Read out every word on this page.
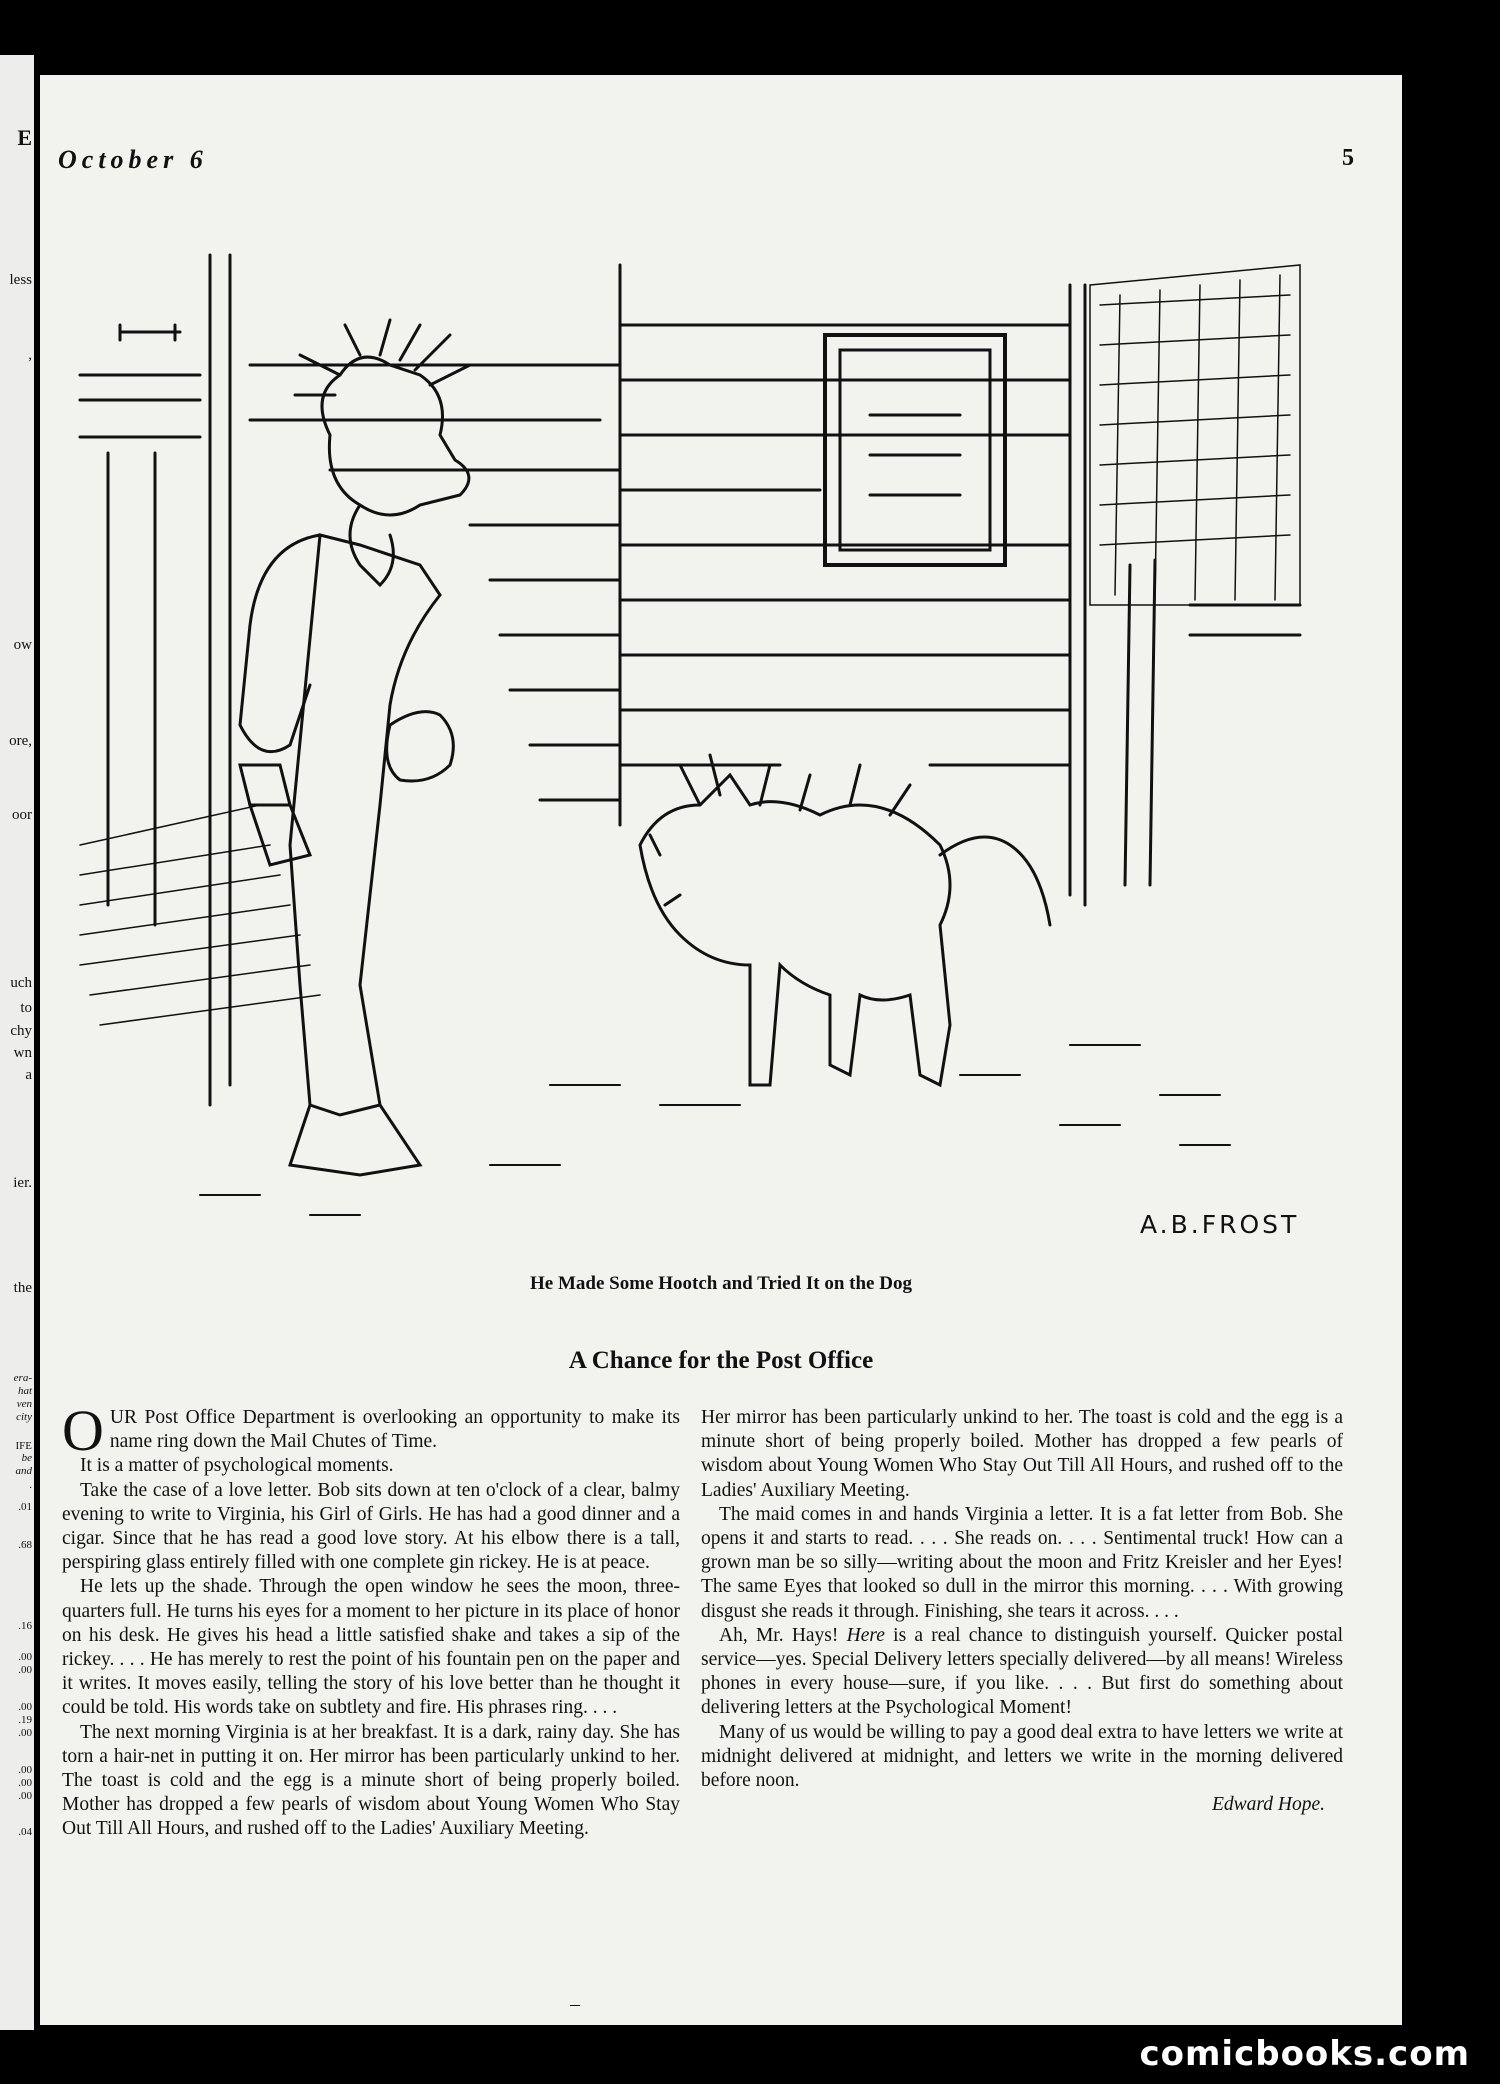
E
less
,
ow
ore,
oor
uch
to
chy
wn
a
ier.
the
era-
hat
ven
city
IFE
be
and
.
.01
.68
.16
.00
.00
.00
.19
.00
.00
.00
.00
.04
October 6	5
A.B.FROST
He Made Some Hootch and Tried It on the Dog
A Chance for the Post Office

OUR Post Office Department is overlooking an opportunity to make its name ring down the Mail Chutes of Time.

It is a matter of psychological moments.

Take the case of a love letter. Bob sits down at ten o'clock of a clear, balmy evening to write to Virginia, his Girl of Girls. He has had a good dinner and a cigar. Since that he has read a good love story. At his elbow there is a tall, perspiring glass entirely filled with one complete gin rickey. He is at peace.

He lets up the shade. Through the open window he sees the moon, three-quarters full. He turns his eyes for a moment to her picture in its place of honor on his desk. He gives his head a little satisfied shake and takes a sip of the rickey. . . . He has merely to rest the point of his fountain pen on the paper and it writes. It moves easily, telling the story of his love better than he thought it could be told. His words take on subtlety and fire. His phrases ring. . . .

The next morning Virginia is at her breakfast. It is a dark, rainy day. She has torn a hair-net in putting it on. Her mirror has been particularly unkind to her. The toast is cold and the egg is a minute short of being properly boiled. Mother has dropped a few pearls of wisdom about Young Women Who Stay Out Till All Hours, and rushed off to the Ladies' Auxiliary Meeting.

Her mirror has been particularly unkind to her. The toast is cold and the egg is a minute short of being properly boiled. Mother has dropped a few pearls of wisdom about Young Women Who Stay Out Till All Hours, and rushed off to the Ladies' Auxiliary Meeting.

The maid comes in and hands Virginia a letter. It is a fat letter from Bob. She opens it and starts to read. . . . She reads on. . . . Sentimental truck! How can a grown man be so silly—writing about the moon and Fritz Kreisler and her Eyes! The same Eyes that looked so dull in the mirror this morning. . . . With growing disgust she reads it through. Finishing, she tears it across. . . .

Ah, Mr. Hays! Here is a real chance to distinguish yourself. Quicker postal service—yes. Special Delivery letters specially delivered—by all means! Wireless phones in every house—sure, if you like. . . . But first do something about delivering letters at the Psychological Moment!

Many of us would be willing to pay a good deal extra to have letters we write at midnight delivered at midnight, and letters we write in the morning delivered before noon.

Edward Hope.
–
comicbooks.com
